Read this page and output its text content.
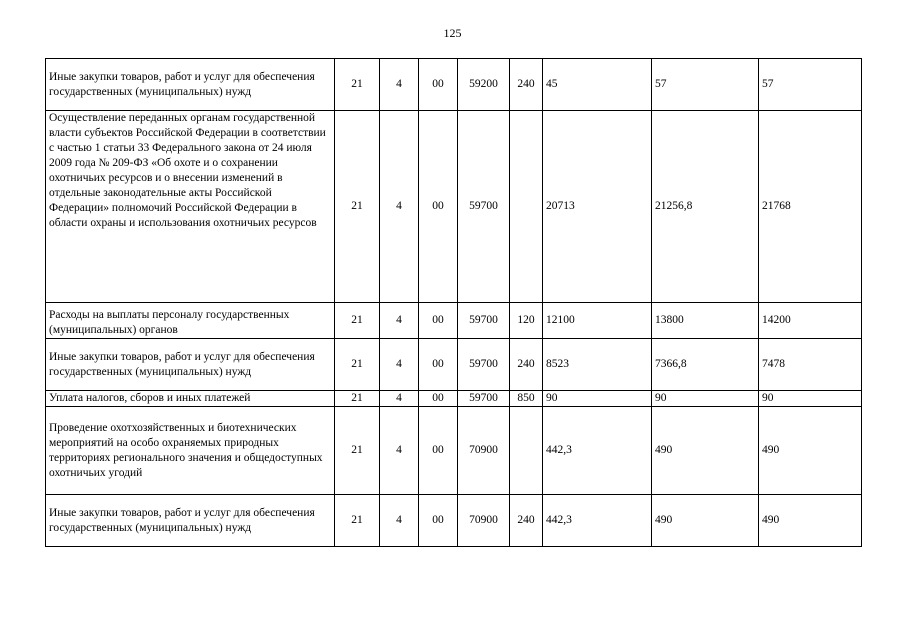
125
Иные закупки товаров, работ и услуг для обеспечения государственных (муниципальных) нужд	21	4	00	59200	240	45	57	57
Осуществление переданных органам государственной власти субъектов Российской Федерации в соответствии с частью 1 статьи 33 Федерального закона от 24 июля 2009 года № 209-ФЗ «Об охоте и о сохранении охотничьих ресурсов и о внесении изменений в отдельные законодательные акты Российской Федерации» полномочий Российской Федерации в области охраны и использования охотничьих ресурсов	21	4	00	59700		20713	21256,8	21768
Расходы на выплаты персоналу государственных (муниципальных) органов	21	4	00	59700	120	12100	13800	14200
Иные закупки товаров, работ и услуг для обеспечения государственных (муниципальных) нужд	21	4	00	59700	240	8523	7366,8	7478
Уплата налогов, сборов и иных платежей	21	4	00	59700	850	90	90	90
Проведение охотхозяйственных и биотехнических мероприятий на особо охраняемых природных территориях регионального значения и общедоступных охотничьих угодий	21	4	00	70900		442,3	490	490
Иные закупки товаров, работ и услуг для обеспечения государственных (муниципальных) нужд	21	4	00	70900	240	442,3	490	490
